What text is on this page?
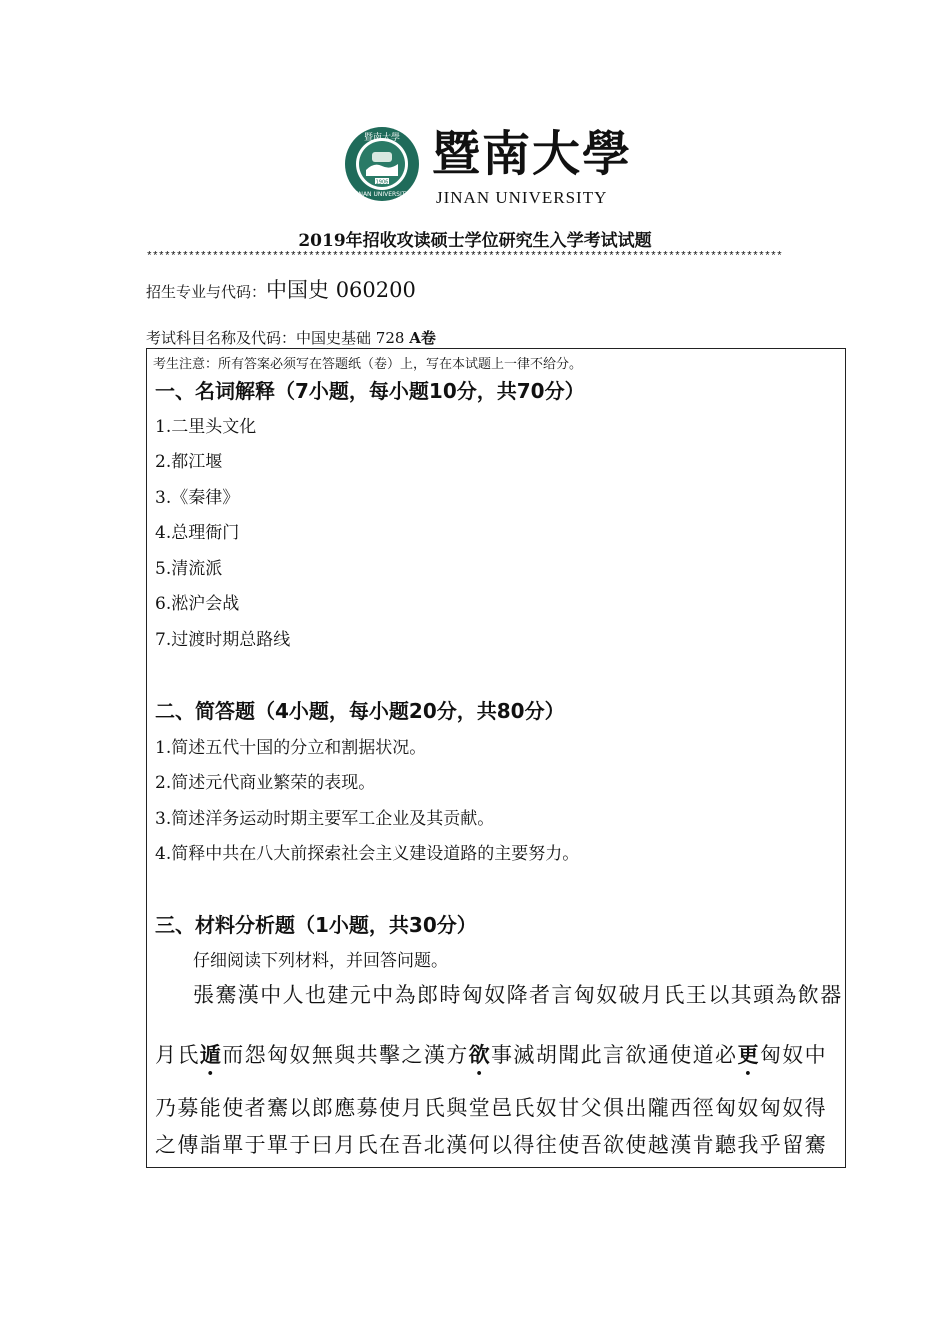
暨南大學
JINAN UNIVERSITY
1906
暨南大學
JINAN UNIVERSITY
2019年招收攻读硕士学位研究生入学考试试题
**********************************************************************************************************
招生专业与代码：中国史 060200
考试科目名称及代码：中国史基础 728 A卷
考生注意：所有答案必须写在答题纸（卷）上，写在本试题上一律不给分。
一、名词解释（7小题，每小题10分，共70分）
1.二里头文化
2.都江堰
3.《秦律》
4.总理衙门
5.清流派
6.淞沪会战
7.过渡时期总路线
二、简答题（4小题，每小题20分，共80分）
1.简述五代十国的分立和割据状况。
2.简述元代商业繁荣的表现。
3.简述洋务运动时期主要军工企业及其贡献。
4.简释中共在八大前探索社会主义建设道路的主要努力。
三、材料分析题（1小题，共30分）
仔细阅读下列材料，并回答问题。
張騫漢中人也建元中為郎時匈奴降者言匈奴破月氏王以其頭為飲器
月氏遁而怨匈奴無與共擊之漢方欲事滅胡聞此言欲通使道必更匈奴中
乃募能使者騫以郎應募使月氏與堂邑氏奴甘父俱出隴西徑匈奴匈奴得
之傳詣單于單于曰月氏在吾北漢何以得往使吾欲使越漢肯聽我乎留騫
